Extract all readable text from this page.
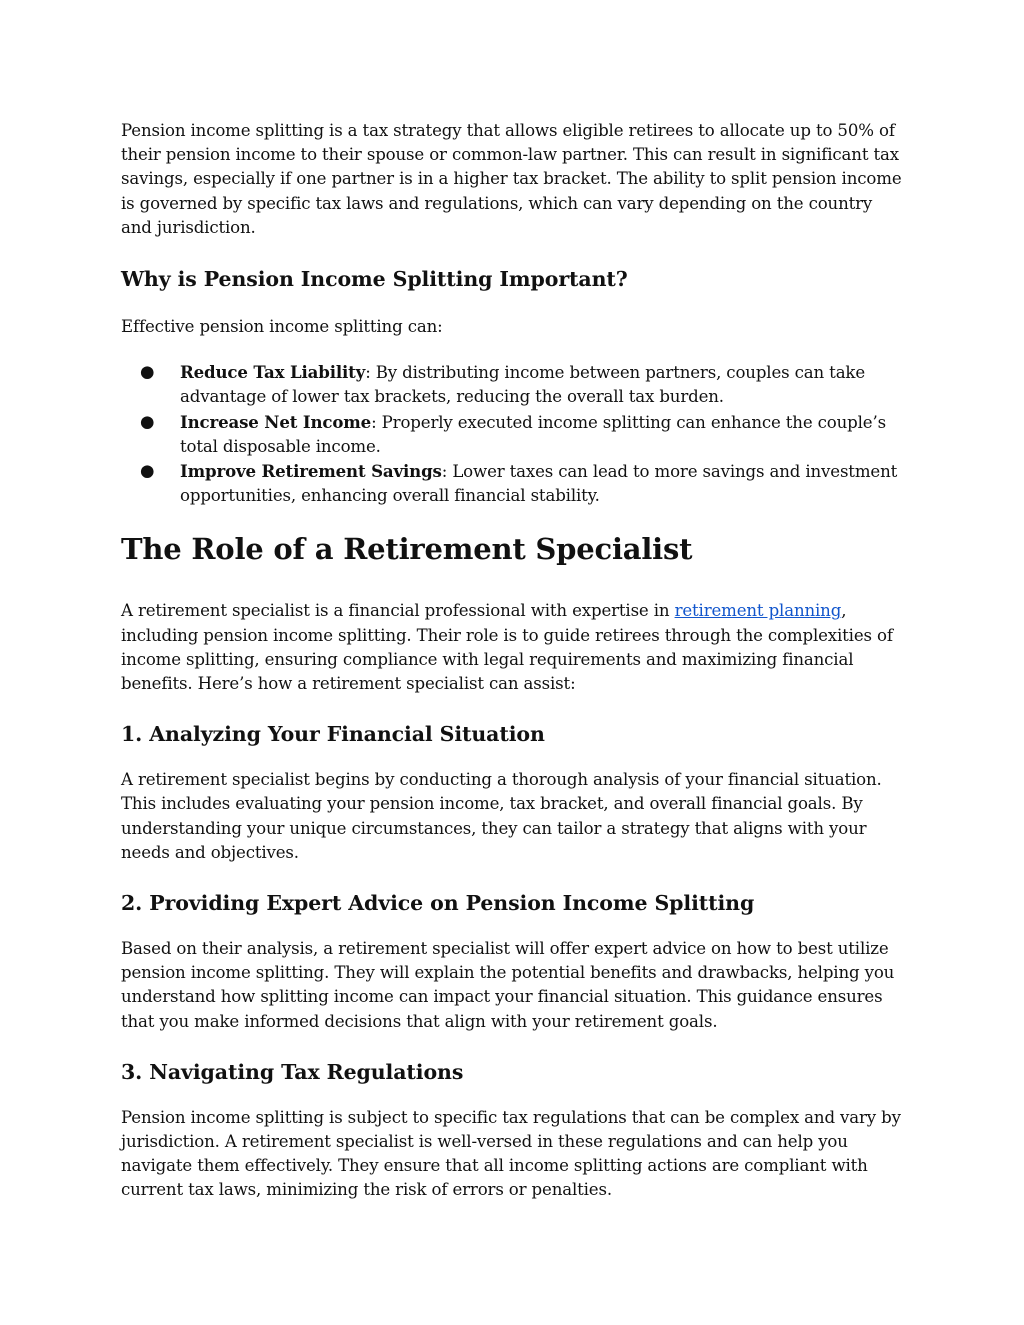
Pension income splitting is a tax strategy that allows eligible retirees to allocate up to 50% of their pension income to their spouse or common-law partner. This can result in significant tax savings, especially if one partner is in a higher tax bracket. The ability to split pension income is governed by specific tax laws and regulations, which can vary depending on the country and jurisdiction.

Why is Pension Income Splitting Important?

Effective pension income splitting can:

● Reduce Tax Liability: By distributing income between partners, couples can take advantage of lower tax brackets, reducing the overall tax burden.
● Increase Net Income: Properly executed income splitting can enhance the couple’s total disposable income.
● Improve Retirement Savings: Lower taxes can lead to more savings and investment opportunities, enhancing overall financial stability.
The Role of a Retirement Specialist

A retirement specialist is a financial professional with expertise in retirement planning, including pension income splitting. Their role is to guide retirees through the complexities of income splitting, ensuring compliance with legal requirements and maximizing financial benefits. Here’s how a retirement specialist can assist:

1. Analyzing Your Financial Situation

A retirement specialist begins by conducting a thorough analysis of your financial situation. This includes evaluating your pension income, tax bracket, and overall financial goals. By understanding your unique circumstances, they can tailor a strategy that aligns with your needs and objectives.

2. Providing Expert Advice on Pension Income Splitting

Based on their analysis, a retirement specialist will offer expert advice on how to best utilize pension income splitting. They will explain the potential benefits and drawbacks, helping you understand how splitting income can impact your financial situation. This guidance ensures that you make informed decisions that align with your retirement goals.

3. Navigating Tax Regulations

Pension income splitting is subject to specific tax regulations that can be complex and vary by jurisdiction. A retirement specialist is well-versed in these regulations and can help you navigate them effectively. They ensure that all income splitting actions are compliant with current tax laws, minimizing the risk of errors or penalties.
